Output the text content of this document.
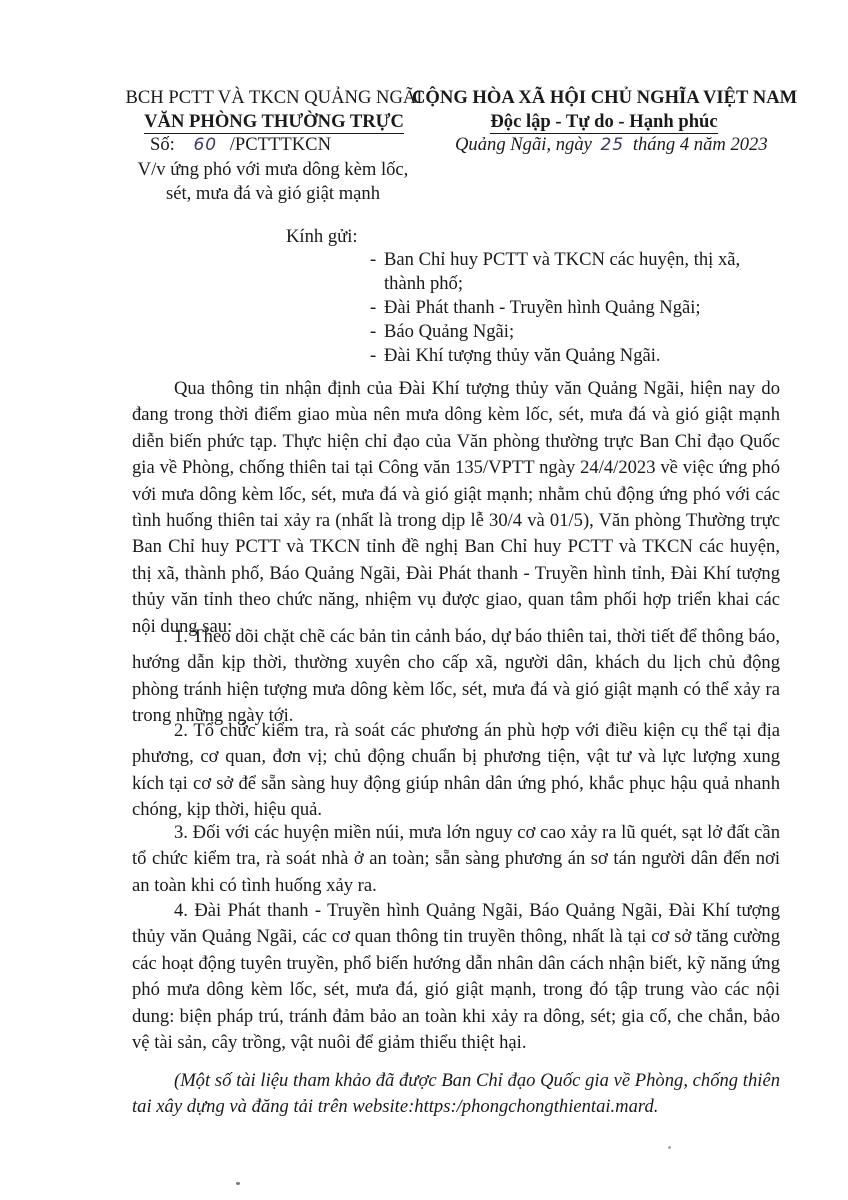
BCH PCTT VÀ TKCN QUẢNG NGÃI
VĂN PHÒNG THƯỜNG TRỰC
CỘNG HÒA XÃ HỘI CHỦ NGHĨA VIỆT NAM
Độc lập - Tự do - Hạnh phúc
Số: 60 /PCTTTKCN	Quảng Ngãi, ngày 25 tháng 4 năm 2023
V/v ứng phó với mưa dông kèm lốc,
sét, mưa đá và gió giật mạnh
Kính gửi:
- Ban Chỉ huy PCTT và TKCN các huyện, thị xã,
thành phố;
- Đài Phát thanh - Truyền hình Quảng Ngãi;
- Báo Quảng Ngãi;
- Đài Khí tượng thủy văn Quảng Ngãi.
Qua thông tin nhận định của Đài Khí tượng thủy văn Quảng Ngãi, hiện nay do đang trong thời điểm giao mùa nên mưa dông kèm lốc, sét, mưa đá và gió giật mạnh diễn biến phức tạp. Thực hiện chỉ đạo của Văn phòng thường trực Ban Chỉ đạo Quốc gia về Phòng, chống thiên tai tại Công văn 135/VPTT ngày 24/4/2023 về việc ứng phó với mưa dông kèm lốc, sét, mưa đá và gió giật mạnh; nhằm chủ động ứng phó với các tình huống thiên tai xảy ra (nhất là trong dịp lễ 30/4 và 01/5), Văn phòng Thường trực Ban Chỉ huy PCTT và TKCN tỉnh đề nghị Ban Chỉ huy PCTT và TKCN các huyện, thị xã, thành phố, Báo Quảng Ngãi, Đài Phát thanh - Truyền hình tỉnh, Đài Khí tượng thủy văn tỉnh theo chức năng, nhiệm vụ được giao, quan tâm phối hợp triển khai các nội dung sau:
1. Theo dõi chặt chẽ các bản tin cảnh báo, dự báo thiên tai, thời tiết để thông báo, hướng dẫn kịp thời, thường xuyên cho cấp xã, người dân, khách du lịch chủ động phòng tránh hiện tượng mưa dông kèm lốc, sét, mưa đá và gió giật mạnh có thể xảy ra trong những ngày tới.
2. Tổ chức kiểm tra, rà soát các phương án phù hợp với điều kiện cụ thể tại địa phương, cơ quan, đơn vị; chủ động chuẩn bị phương tiện, vật tư và lực lượng xung kích tại cơ sở để sẵn sàng huy động giúp nhân dân ứng phó, khắc phục hậu quả nhanh chóng, kịp thời, hiệu quả.
3. Đối với các huyện miền núi, mưa lớn nguy cơ cao xảy ra lũ quét, sạt lở đất cần tổ chức kiểm tra, rà soát nhà ở an toàn; sẵn sàng phương án sơ tán người dân đến nơi an toàn khi có tình huống xảy ra.
4. Đài Phát thanh - Truyền hình Quảng Ngãi, Báo Quảng Ngãi, Đài Khí tượng thủy văn Quảng Ngãi, các cơ quan thông tin truyền thông, nhất là tại cơ sở tăng cường các hoạt động tuyên truyền, phổ biến hướng dẫn nhân dân cách nhận biết, kỹ năng ứng phó mưa dông kèm lốc, sét, mưa đá, gió giật mạnh, trong đó tập trung vào các nội dung: biện pháp trú, tránh đảm bảo an toàn khi xảy ra dông, sét; gia cố, che chắn, bảo vệ tài sản, cây trồng, vật nuôi để giảm thiểu thiệt hại.
(Một số tài liệu tham khảo đã được Ban Chỉ đạo Quốc gia về Phòng, chống thiên tai xây dựng và đăng tải trên website:https:/phongchongthientai.mard.
